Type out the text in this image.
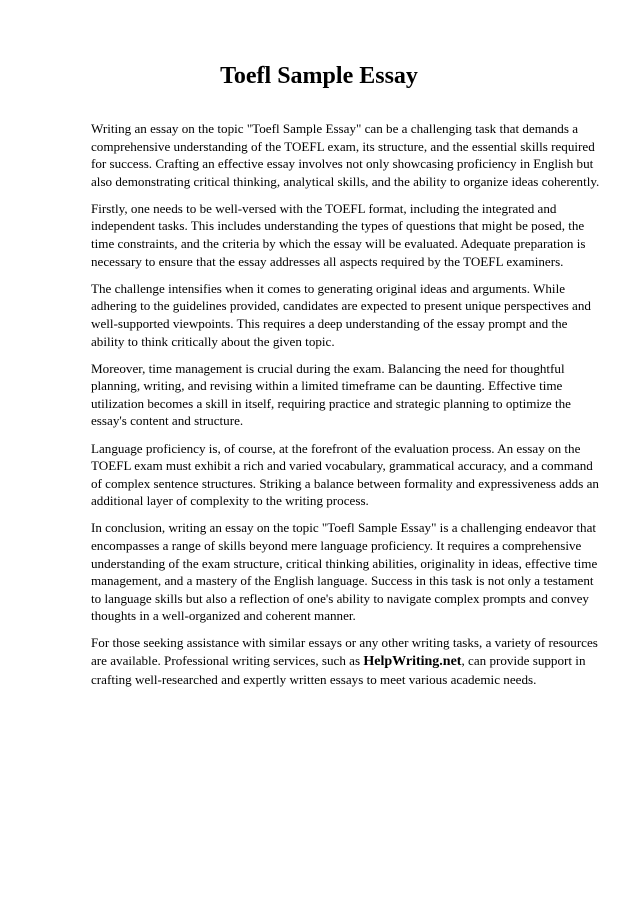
Toefl Sample Essay

Writing an essay on the topic "Toefl Sample Essay" can be a challenging task that demands a comprehensive understanding of the TOEFL exam, its structure, and the essential skills required for success. Crafting an effective essay involves not only showcasing proficiency in English but also demonstrating critical thinking, analytical skills, and the ability to organize ideas coherently.

Firstly, one needs to be well-versed with the TOEFL format, including the integrated and independent tasks. This includes understanding the types of questions that might be posed, the time constraints, and the criteria by which the essay will be evaluated. Adequate preparation is necessary to ensure that the essay addresses all aspects required by the TOEFL examiners.

The challenge intensifies when it comes to generating original ideas and arguments. While adhering to the guidelines provided, candidates are expected to present unique perspectives and well-supported viewpoints. This requires a deep understanding of the essay prompt and the ability to think critically about the given topic.

Moreover, time management is crucial during the exam. Balancing the need for thoughtful planning, writing, and revising within a limited timeframe can be daunting. Effective time utilization becomes a skill in itself, requiring practice and strategic planning to optimize the essay's content and structure.

Language proficiency is, of course, at the forefront of the evaluation process. An essay on the TOEFL exam must exhibit a rich and varied vocabulary, grammatical accuracy, and a command of complex sentence structures. Striking a balance between formality and expressiveness adds an additional layer of complexity to the writing process.

In conclusion, writing an essay on the topic "Toefl Sample Essay" is a challenging endeavor that encompasses a range of skills beyond mere language proficiency. It requires a comprehensive understanding of the exam structure, critical thinking abilities, originality in ideas, effective time management, and a mastery of the English language. Success in this task is not only a testament to language skills but also a reflection of one's ability to navigate complex prompts and convey thoughts in a well-organized and coherent manner.

For those seeking assistance with similar essays or any other writing tasks, a variety of resources are available. Professional writing services, such as HelpWriting.net, can provide support in crafting well-researched and expertly written essays to meet various academic needs.
